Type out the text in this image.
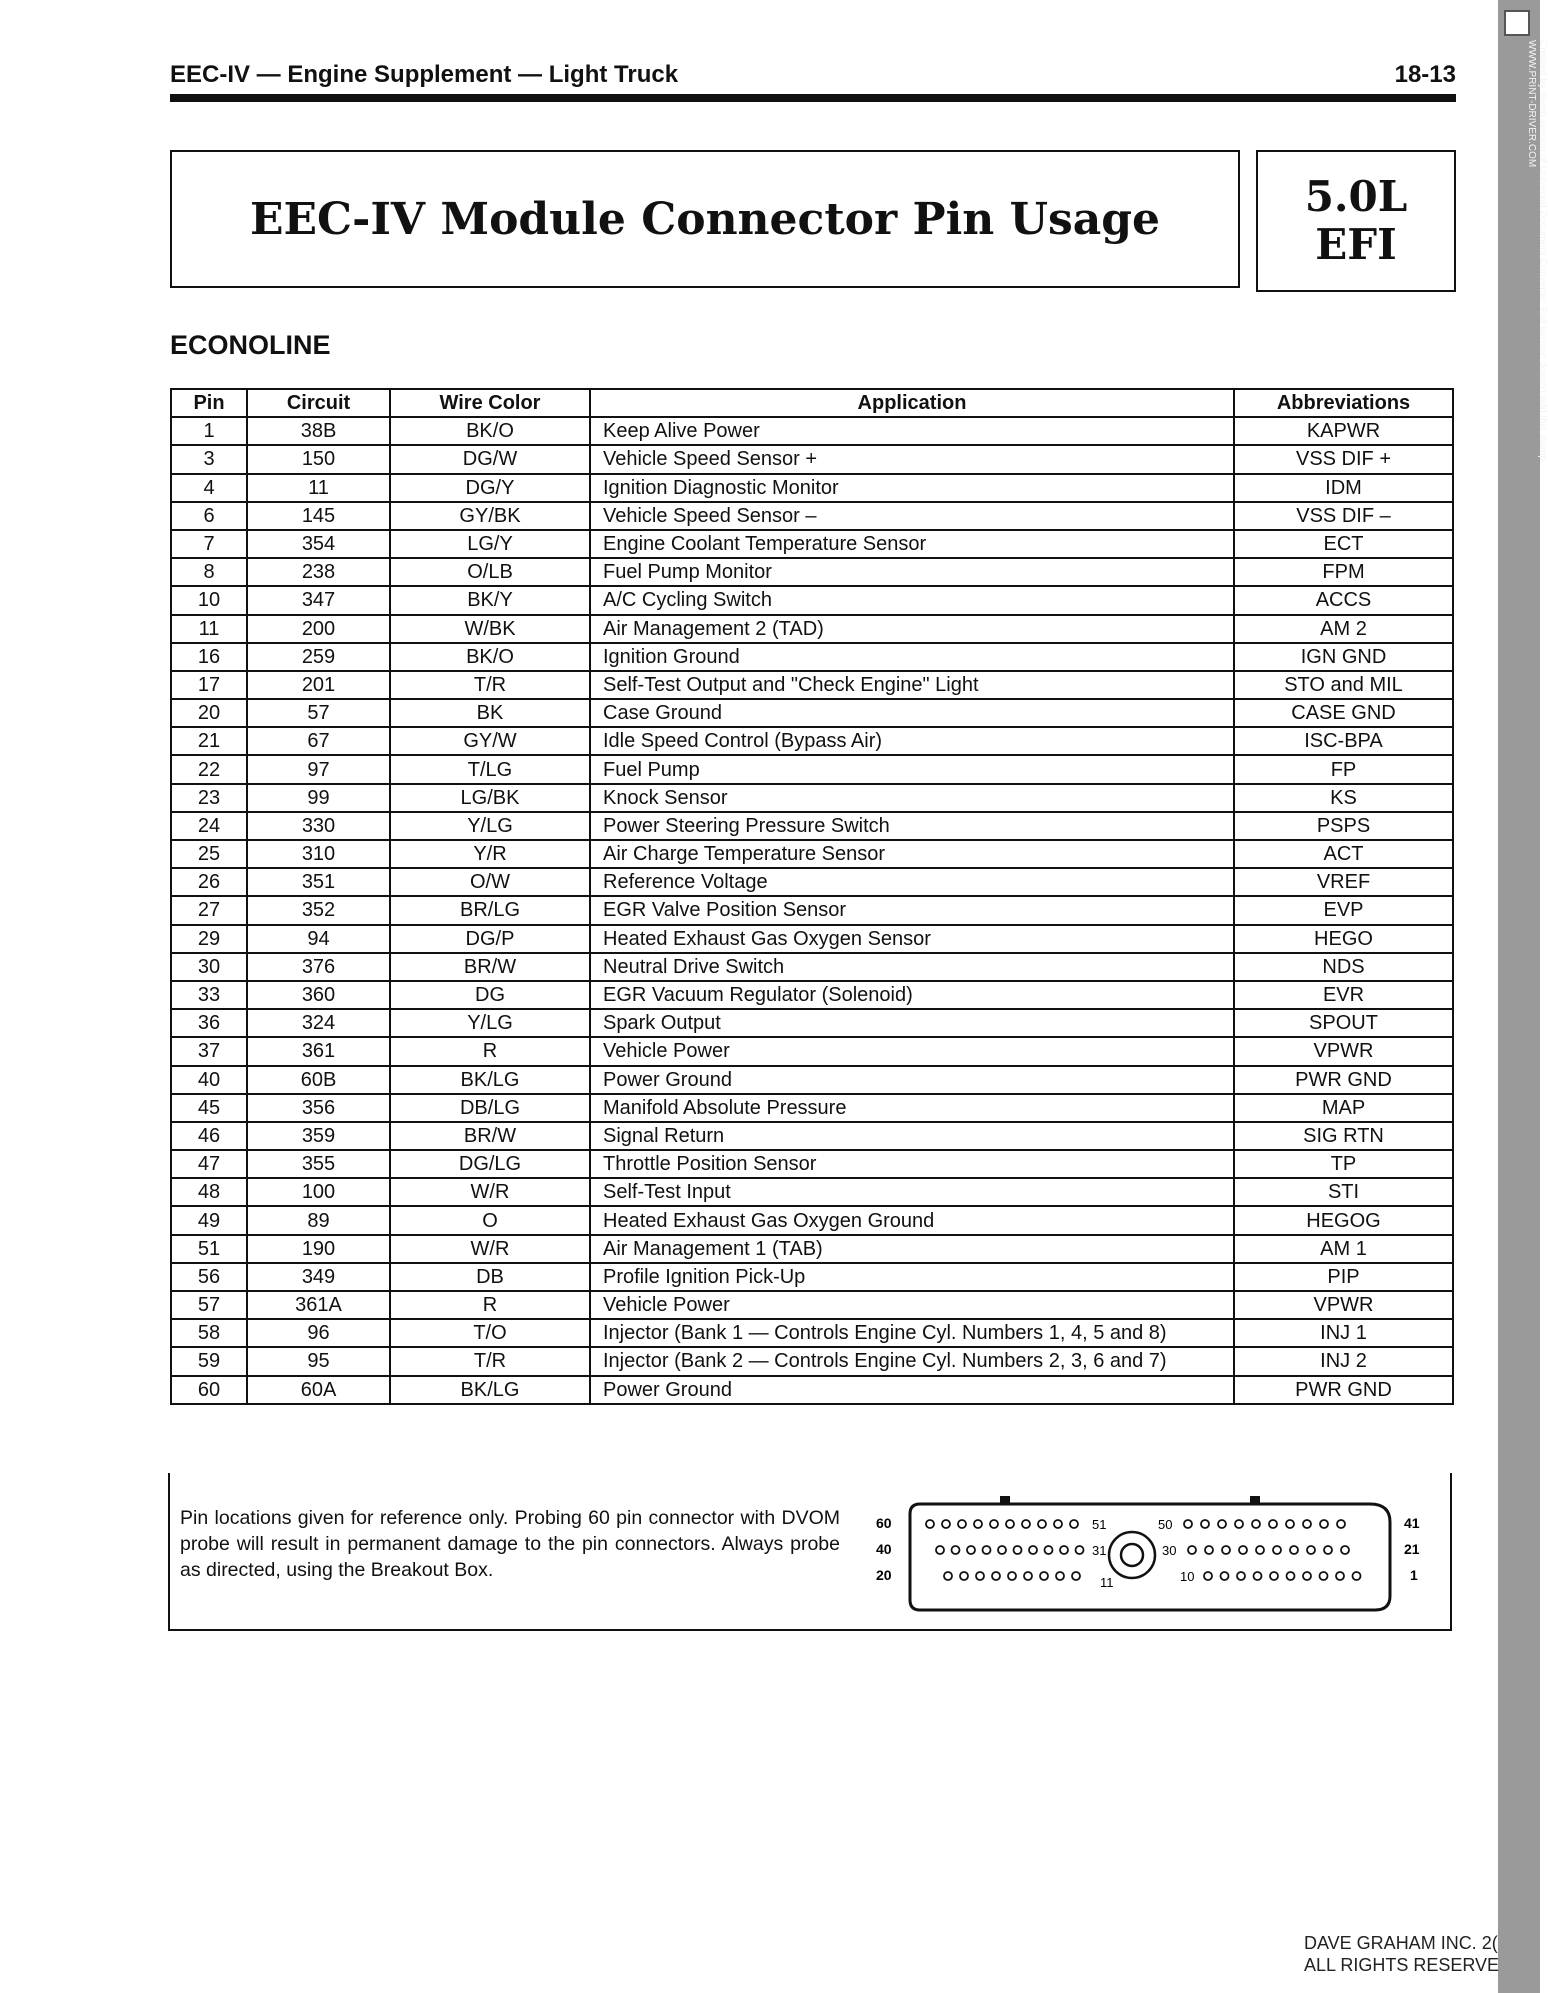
EEC-IV — Engine Supplement — Light Truck	18-13
EEC-IV Module Connector Pin Usage	5.0L
EFI
ECONOLINE
Pin	Circuit	Wire Color	Application	Abbreviations
1	38B	BK/O	Keep Alive Power	KAPWR
3	150	DG/W	Vehicle Speed Sensor +	VSS DIF +
4	11	DG/Y	Ignition Diagnostic Monitor	IDM
6	145	GY/BK	Vehicle Speed Sensor –	VSS DIF –
7	354	LG/Y	Engine Coolant Temperature Sensor	ECT
8	238	O/LB	Fuel Pump Monitor	FPM
10	347	BK/Y	A/C Cycling Switch	ACCS
11	200	W/BK	Air Management 2 (TAD)	AM 2
16	259	BK/O	Ignition Ground	IGN GND
17	201	T/R	Self-Test Output and "Check Engine" Light	STO and MIL
20	57	BK	Case Ground	CASE GND
21	67	GY/W	Idle Speed Control (Bypass Air)	ISC-BPA
22	97	T/LG	Fuel Pump	FP
23	99	LG/BK	Knock Sensor	KS
24	330	Y/LG	Power Steering Pressure Switch	PSPS
25	310	Y/R	Air Charge Temperature Sensor	ACT
26	351	O/W	Reference Voltage	VREF
27	352	BR/LG	EGR Valve Position Sensor	EVP
29	94	DG/P	Heated Exhaust Gas Oxygen Sensor	HEGO
30	376	BR/W	Neutral Drive Switch	NDS
33	360	DG	EGR Vacuum Regulator (Solenoid)	EVR
36	324	Y/LG	Spark Output	SPOUT
37	361	R	Vehicle Power	VPWR
40	60B	BK/LG	Power Ground	PWR GND
45	356	DB/LG	Manifold Absolute Pressure	MAP
46	359	BR/W	Signal Return	SIG RTN
47	355	DG/LG	Throttle Position Sensor	TP
48	100	W/R	Self-Test Input	STI
49	89	O	Heated Exhaust Gas Oxygen Ground	HEGOG
51	190	W/R	Air Management 1 (TAB)	AM 1
56	349	DB	Profile Ignition Pick-Up	PIP
57	361A	R	Vehicle Power	VPWR
58	96	T/O	Injector (Bank 1 — Controls Engine Cyl. Numbers 1, 4, 5 and 8)	INJ 1
59	95	T/R	Injector (Bank 2 — Controls Engine Cyl. Numbers 2, 3, 6 and 7)	INJ 2
60	60A	BK/LG	Power Ground	PWR GND
Pin locations given for reference only. Probing 60 pin connector with DVOM probe will result in permanent damage to the pin connectors. Always probe as directed, using the Breakout Box.
60
40
20
41
21
1
51
31
11
50
30
10
Created by demo version of Universal Document Converter. Full version doesn't add this stamp. WWW.PRINT-DRIVER.COM
DAVE GRAHAM INC. 2(
ALL RIGHTS RESERVE
